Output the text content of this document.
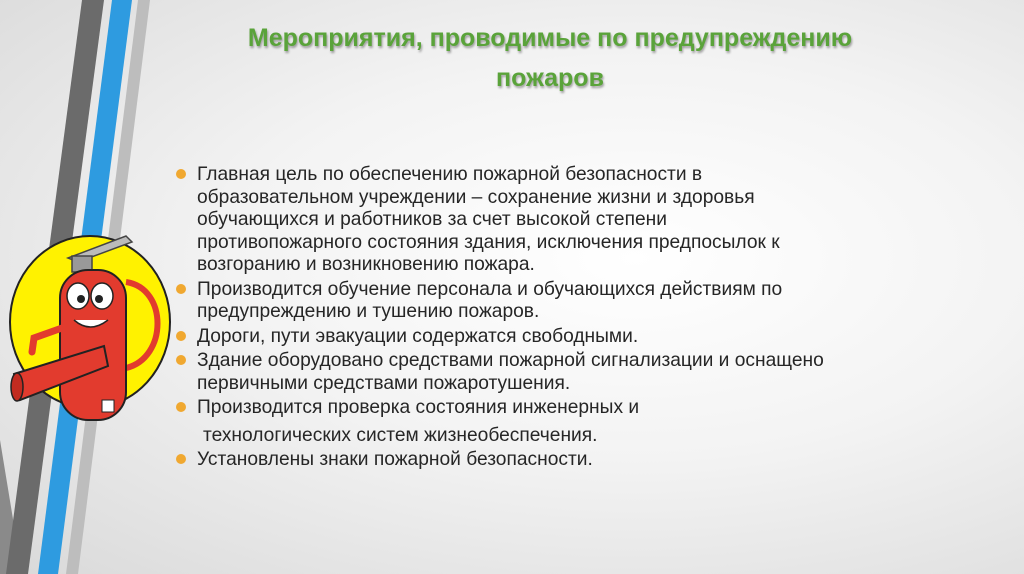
Мероприятия, проводимые по предупреждению
пожаров
Главная цель по обеспечению пожарной безопасности в
образовательном учреждении – сохранение жизни и здоровья
обучающихся и работников за счет высокой степени
противопожарного состояния здания, исключения предпосылок к
возгоранию и возникновению пожара.
Производится обучение персонала и обучающихся действиям по
предупреждению и тушению пожаров.
Дороги, пути эвакуации содержатся свободными.
Здание оборудовано средствами пожарной сигнализации и оснащено
первичными средствами пожаротушения.
Производится проверка состояния инженерных и
технологических систем жизнеобеспечения.
Установлены знаки пожарной безопасности.
